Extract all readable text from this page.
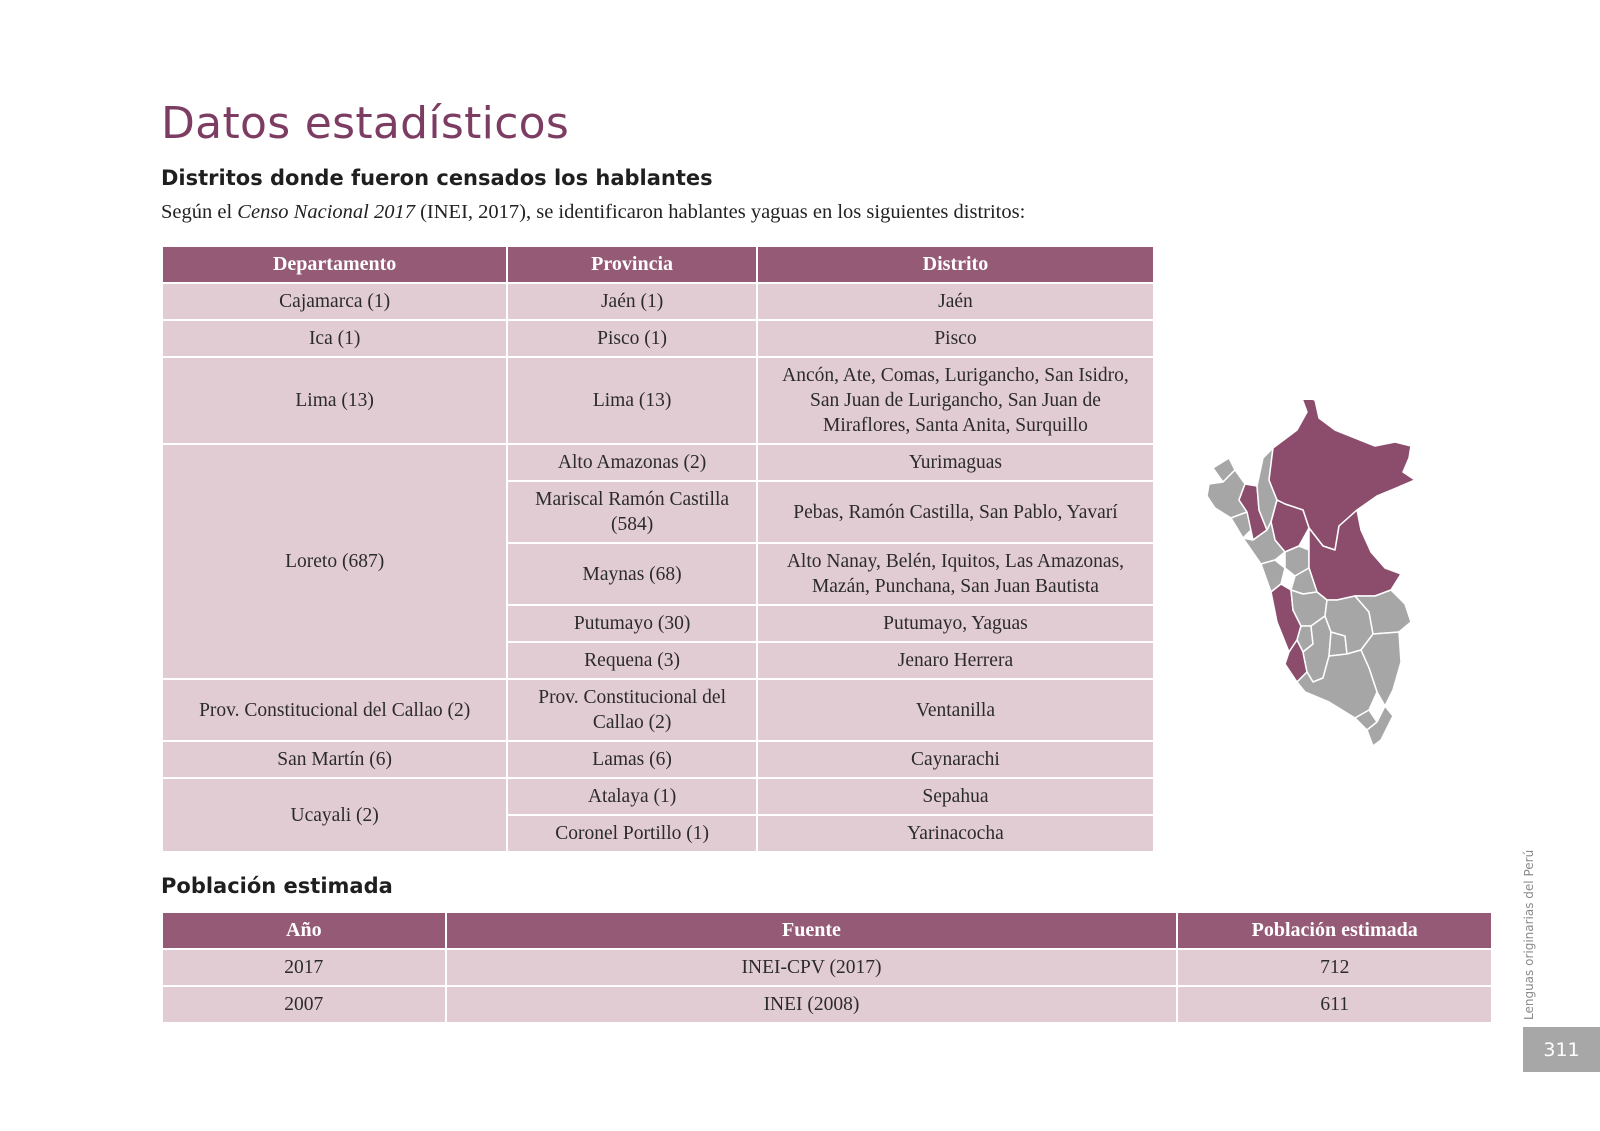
Datos estadísticos
Distritos donde fueron censados los hablantes

Según el Censo Nacional 2017 (INEI, 2017), se identificaron hablantes yaguas en los siguientes distritos:

Departamento	Provincia	Distrito
Cajamarca (1)	Jaén (1)	Jaén
Ica (1)	Pisco (1)	Pisco
Lima (13)	Lima (13)	Ancón, Ate, Comas, Lurigancho, San Isidro, San Juan de Lurigancho, San Juan de Miraflores, Santa Anita, Surquillo
Loreto (687)	Alto Amazonas (2)	Yurimaguas
	Mariscal Ramón Castilla (584)	Pebas, Ramón Castilla, San Pablo, Yavarí
	Maynas (68)	Alto Nanay, Belén, Iquitos, Las Amazonas, Mazán, Punchana, San Juan Bautista
	Putumayo (30)	Putumayo, Yaguas
	Requena (3)	Jenaro Herrera
Prov. Constitucional del Callao (2)	Prov. Constitucional del Callao (2)	Ventanilla
San Martín (6)	Lamas (6)	Caynarachi
Ucayali (2)	Atalaya (1)	Sepahua
	Coronel Portillo (1)	Yarinacocha
Población estimada
Año	Fuente	Población estimada
2017	INEI-CPV (2017)	712
2007	INEI (2008)	611	Lenguas originarias del Perú
311
